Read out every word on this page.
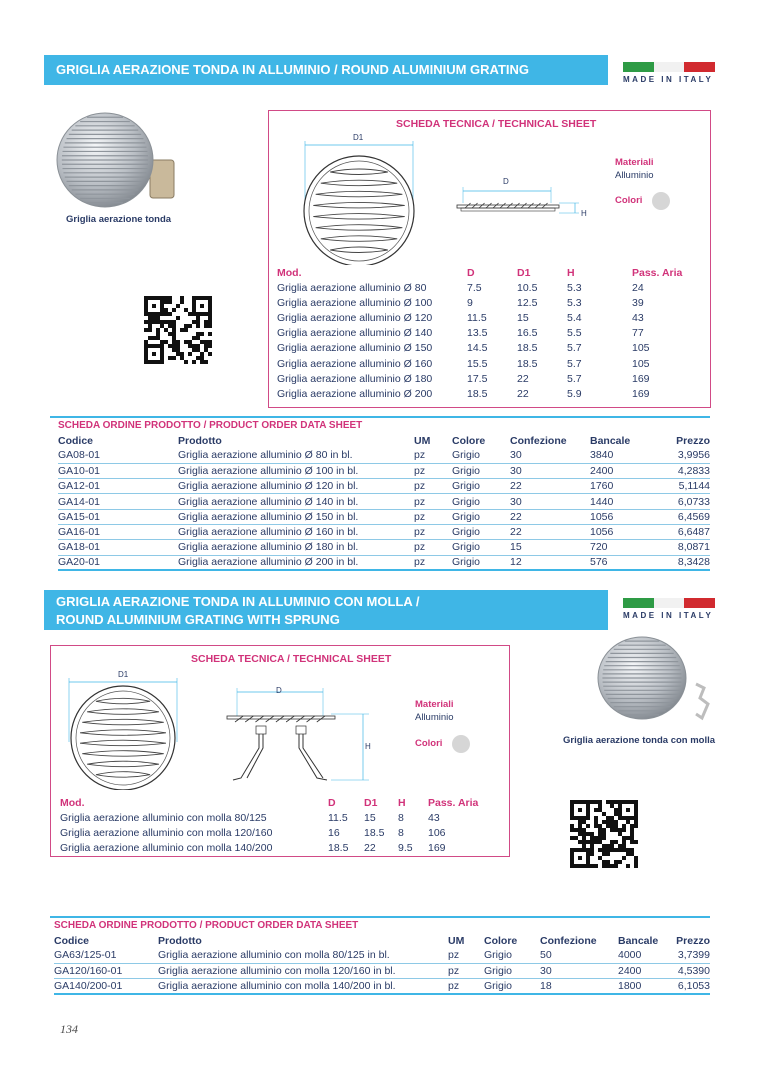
GRIGLIA AERAZIONE TONDA IN ALLUMINIO / ROUND ALUMINIUM GRATING
MADE IN ITALY
Griglia aerazione tonda
SCHEDA TECNICA / TECHNICAL SHEET
D1
D
H
Materiali
Alluminio
Colori
Mod.	D	D1	H	Pass. Aria
Griglia aerazione alluminio Ø 80	7.5	10.5	5.3	24
Griglia aerazione alluminio Ø 100	9	12.5	5.3	39
Griglia aerazione alluminio Ø 120	11.5	15	5.4	43
Griglia aerazione alluminio Ø 140	13.5	16.5	5.5	77
Griglia aerazione alluminio Ø 150	14.5	18.5	5.7	105
Griglia aerazione alluminio Ø 160	15.5	18.5	5.7	105
Griglia aerazione alluminio Ø 180	17.5	22	5.7	169
Griglia aerazione alluminio Ø 200	18.5	22	5.9	169
SCHEDA ORDINE PRODOTTO / PRODUCT ORDER DATA SHEET
Codice	Prodotto	UM	Colore	Confezione	Bancale	Prezzo
GA08-01	Griglia aerazione alluminio Ø 80 in bl.	pz	Grigio	30	3840	3,9956
GA10-01	Griglia aerazione alluminio Ø 100 in bl.	pz	Grigio	30	2400	4,2833
GA12-01	Griglia aerazione alluminio Ø 120 in bl.	pz	Grigio	22	1760	5,1144
GA14-01	Griglia aerazione alluminio Ø 140 in bl.	pz	Grigio	30	1440	6,0733
GA15-01	Griglia aerazione alluminio Ø 150 in bl.	pz	Grigio	22	1056	6,4569
GA16-01	Griglia aerazione alluminio Ø 160 in bl.	pz	Grigio	22	1056	6,6487
GA18-01	Griglia aerazione alluminio Ø 180 in bl.	pz	Grigio	15	720	8,0871
GA20-01	Griglia aerazione alluminio Ø 200 in bl.	pz	Grigio	12	576	8,3428
GRIGLIA AERAZIONE TONDA IN ALLUMINIO CON MOLLA /
ROUND ALUMINIUM GRATING WITH SPRUNG	MADE IN ITALY
Griglia aerazione tonda con molla
SCHEDA TECNICA / TECHNICAL SHEET
D1
D
H
Materiali
Alluminio
Colori
Mod.	D	D1	H	Pass. Aria
Griglia aerazione alluminio con molla 80/125	11.5	15	8	43
Griglia aerazione alluminio con molla 120/160	16	18.5	8	106
Griglia aerazione alluminio con molla 140/200	18.5	22	9.5	169
SCHEDA ORDINE PRODOTTO / PRODUCT ORDER DATA SHEET
Codice	Prodotto	UM	Colore	Confezione	Bancale	Prezzo
GA63/125-01	Griglia aerazione alluminio con molla 80/125 in bl.	pz	Grigio	50	4000	3,7399
GA120/160-01	Griglia aerazione alluminio con molla 120/160 in bl.	pz	Grigio	30	2400	4,5390
GA140/200-01	Griglia aerazione alluminio con molla 140/200 in bl.	pz	Grigio	18	1800	6,1053
134
